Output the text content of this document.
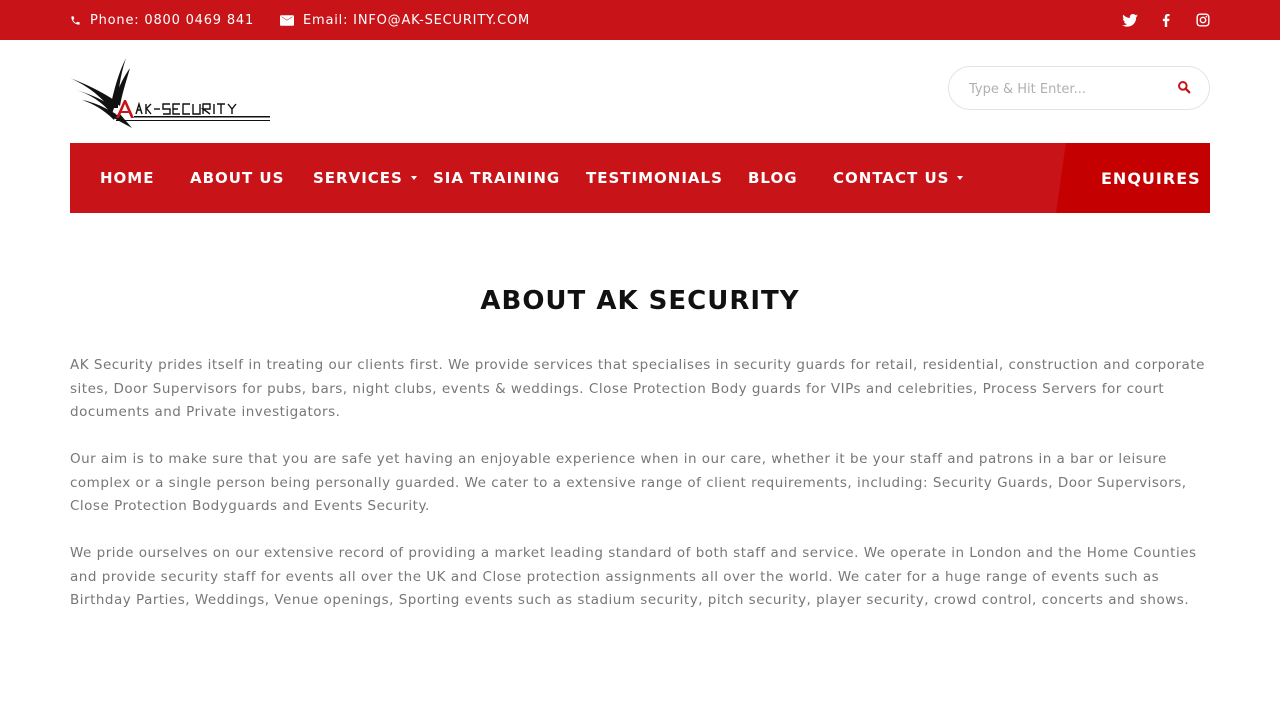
Phone: 0800 0469 841	Email: INFO@AK-SECURITY.COM
Type & Hit Enter...
HOME ABOUT US SERVICES SIA TRAINING TESTIMONIALS BLOG CONTACT US	ENQUIRES
ABOUT AK SECURITY

AK Security prides itself in treating our clients first. We provide services that specialises in security guards for retail, residential, construction and corporate sites, Door Supervisors for pubs, bars, night clubs, events & weddings. Close Protection Body guards for VIPs and celebrities, Process Servers for court documents and Private investigators.

Our aim is to make sure that you are safe yet having an enjoyable experience when in our care, whether it be your staff and patrons in a bar or leisure complex or a single person being personally guarded. We cater to a extensive range of client requirements, including: Security Guards, Door Supervisors, Close Protection Bodyguards and Events Security.

We pride ourselves on our extensive record of providing a market leading standard of both staff and service. We operate in London and the Home Counties and provide security staff for events all over the UK and Close protection assignments all over the world. We cater for a huge range of events such as Birthday Parties, Weddings, Venue openings, Sporting events such as stadium security, pitch security, player security, crowd control, concerts and shows.
